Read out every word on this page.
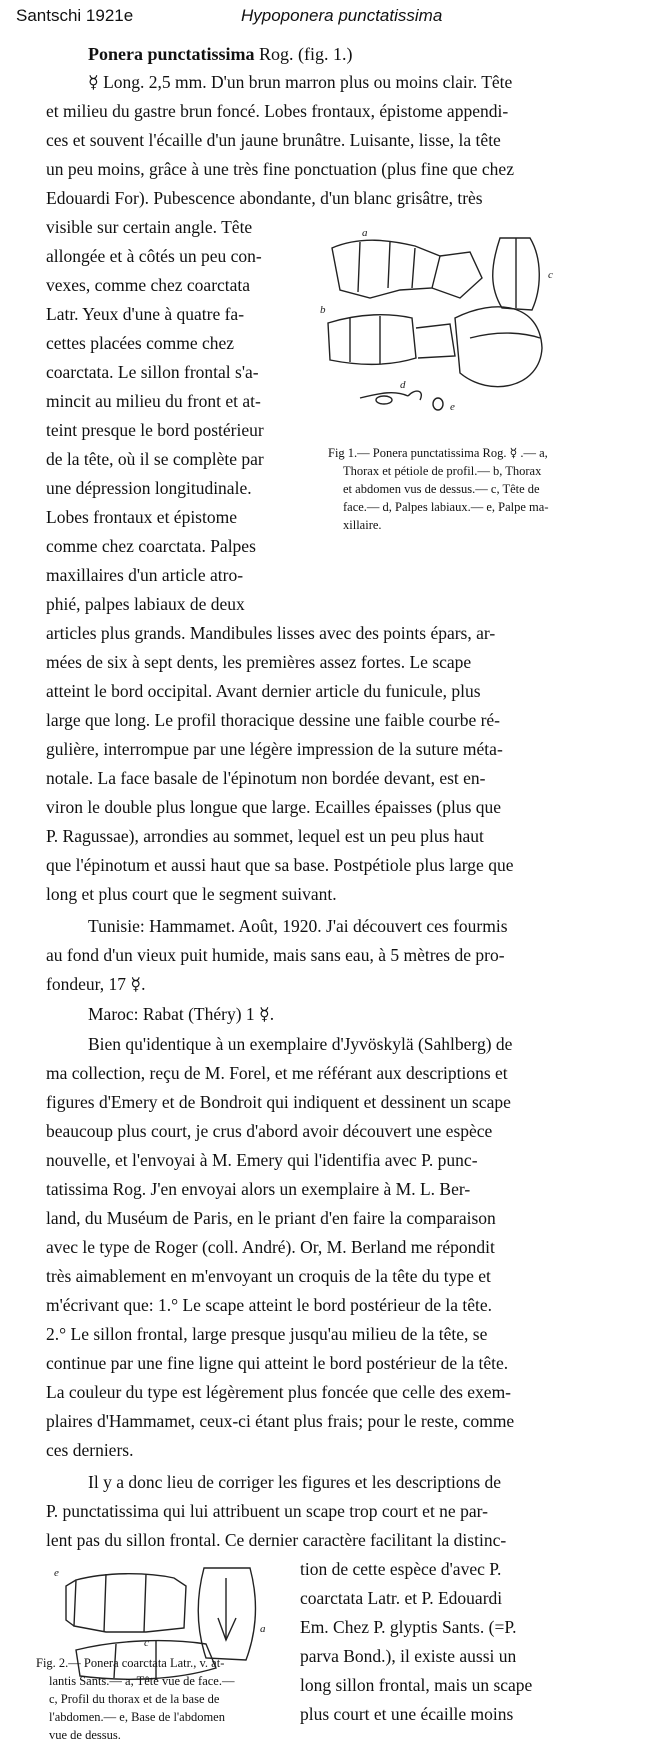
Santschi 1921e	Hypoponera punctatissima
Ponera punctatissima Rog. (fig. 1.)
☿ Long. 2,5 mm. D'un brun marron plus ou moins clair. Tête
et milieu du gastre brun foncé. Lobes frontaux, épistome appendi-
ces et souvent l'écaille d'un jaune brunâtre. Luisante, lisse, la tête
un peu moins, grâce à une très fine ponctuation (plus fine que chez
Edouardi For). Pubescence abondante, d'un blanc grisâtre, très
visible sur certain angle. Tête
allongée et à côtés un peu con-
vexes, comme chez coarctata
Latr. Yeux d'une à quatre fa-
cettes placées comme chez
coarctata. Le sillon frontal s'a-
mincit au milieu du front et at-
teint presque le bord postérieur
de la tête, où il se complète par
une dépression longitudinale.
Lobes frontaux et épistome
comme chez coarctata. Palpes
maxillaires d'un article atro-
phié, palpes labiaux de deux
a
b
c
d
e
Fig 1.— Ponera punctatissima Rog. ☿ .— a,
Thorax et pétiole de profil.— b, Thorax
et abdomen vus de dessus.— c, Tête de
face.— d, Palpes labiaux.— e, Palpe ma-
xillaire.
articles plus grands. Mandibules lisses avec des points épars, ar-
mées de six à sept dents, les premières assez fortes. Le scape
atteint le bord occipital. Avant dernier article du funicule, plus
large que long. Le profil thoracique dessine une faible courbe ré-
gulière, interrompue par une légère impression de la suture méta-
notale. La face basale de l'épinotum non bordée devant, est en-
viron le double plus longue que large. Ecailles épaisses (plus que
P. Ragussae), arrondies au sommet, lequel est un peu plus haut
que l'épinotum et aussi haut que sa base. Postpétiole plus large que
long et plus court que le segment suivant.
Tunisie: Hammamet. Août, 1920. J'ai découvert ces fourmis
au fond d'un vieux puit humide, mais sans eau, à 5 mètres de pro-
fondeur, 17 ☿.
Maroc: Rabat (Théry) 1 ☿.
Bien qu'identique à un exemplaire d'Jyvöskylä (Sahlberg) de
ma collection, reçu de M. Forel, et me référant aux descriptions et
figures d'Emery et de Bondroit qui indiquent et dessinent un scape
beaucoup plus court, je crus d'abord avoir découvert une espèce
nouvelle, et l'envoyai à M. Emery qui l'identifia avec P. punc-
tatissima Rog. J'en envoyai alors un exemplaire à M. L. Ber-
land, du Muséum de Paris, en le priant d'en faire la comparaison
avec le type de Roger (coll. André). Or, M. Berland me répondit
très aimablement en m'envoyant un croquis de la tête du type et
m'écrivant que: 1.° Le scape atteint le bord postérieur de la tête.
2.° Le sillon frontal, large presque jusqu'au milieu de la tête, se
continue par une fine ligne qui atteint le bord postérieur de la tête.
La couleur du type est légèrement plus foncée que celle des exem-
plaires d'Hammamet, ceux-ci étant plus frais; pour le reste, comme
ces derniers.
Il y a donc lieu de corriger les figures et les descriptions de
P. punctatissima qui lui attribuent un scape trop court et ne par-
lent pas du sillon frontal. Ce dernier caractère facilitant la distinc-
a
c
e
Fig. 2.— Ponera coarctata Latr., v. at-
lantis Sants.— a, Tête vue de face.—
c, Profil du thorax et de la base de
l'abdomen.— e, Base de l'abdomen
vue de dessus.
tion de cette espèce d'avec P.
coarctata Latr. et P. Edouardi
Em. Chez P. glyptis Sants. (=P.
parva Bond.), il existe aussi un
long sillon frontal, mais un scape
plus court et une écaille moins
